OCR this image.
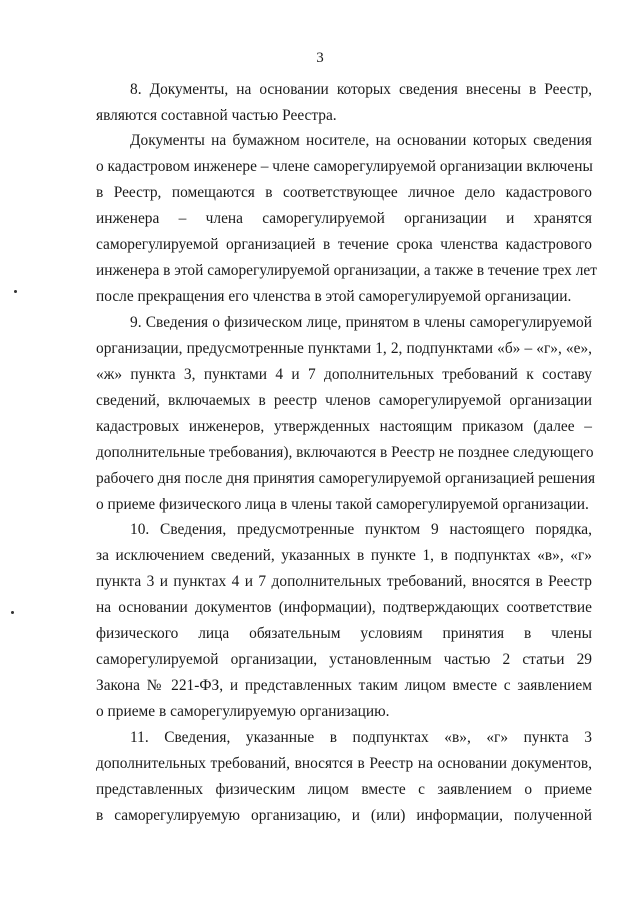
3
8. Документы, на основании которых сведения внесены в Реестр,
являются составной частью Реестра.
Документы на бумажном носителе, на основании которых сведения
о кадастровом инженере – члене саморегулируемой организации включены
в Реестр, помещаются в соответствующее личное дело кадастрового
инженера – члена саморегулируемой организации и хранятся
саморегулируемой организацией в течение срока членства кадастрового
инженера в этой саморегулируемой организации, а также в течение трех лет
после прекращения его членства в этой саморегулируемой организации.
9. Сведения о физическом лице, принятом в члены саморегулируемой
организации, предусмотренные пунктами 1, 2, подпунктами «б» – «г», «е»,
«ж» пункта 3, пунктами 4 и 7 дополнительных требований к составу
сведений, включаемых в реестр членов саморегулируемой организации
кадастровых инженеров, утвержденных настоящим приказом (далее –
дополнительные требования), включаются в Реестр не позднее следующего
рабочего дня после дня принятия саморегулируемой организацией решения
о приеме физического лица в члены такой саморегулируемой организации.
10. Сведения, предусмотренные пунктом 9 настоящего порядка,
за исключением сведений, указанных в пункте 1, в подпунктах «в», «г»
пункта 3 и пунктах 4 и 7 дополнительных требований, вносятся в Реестр
на основании документов (информации), подтверждающих соответствие
физического лица обязательным условиям принятия в члены
саморегулируемой организации, установленным частью 2 статьи 29
Закона № 221-ФЗ, и представленных таким лицом вместе с заявлением
о приеме в саморегулируемую организацию.
11. Сведения, указанные в подпунктах «в», «г» пункта 3
дополнительных требований, вносятся в Реестр на основании документов,
представленных физическим лицом вместе с заявлением о приеме
в саморегулируемую организацию, и (или) информации, полученной
